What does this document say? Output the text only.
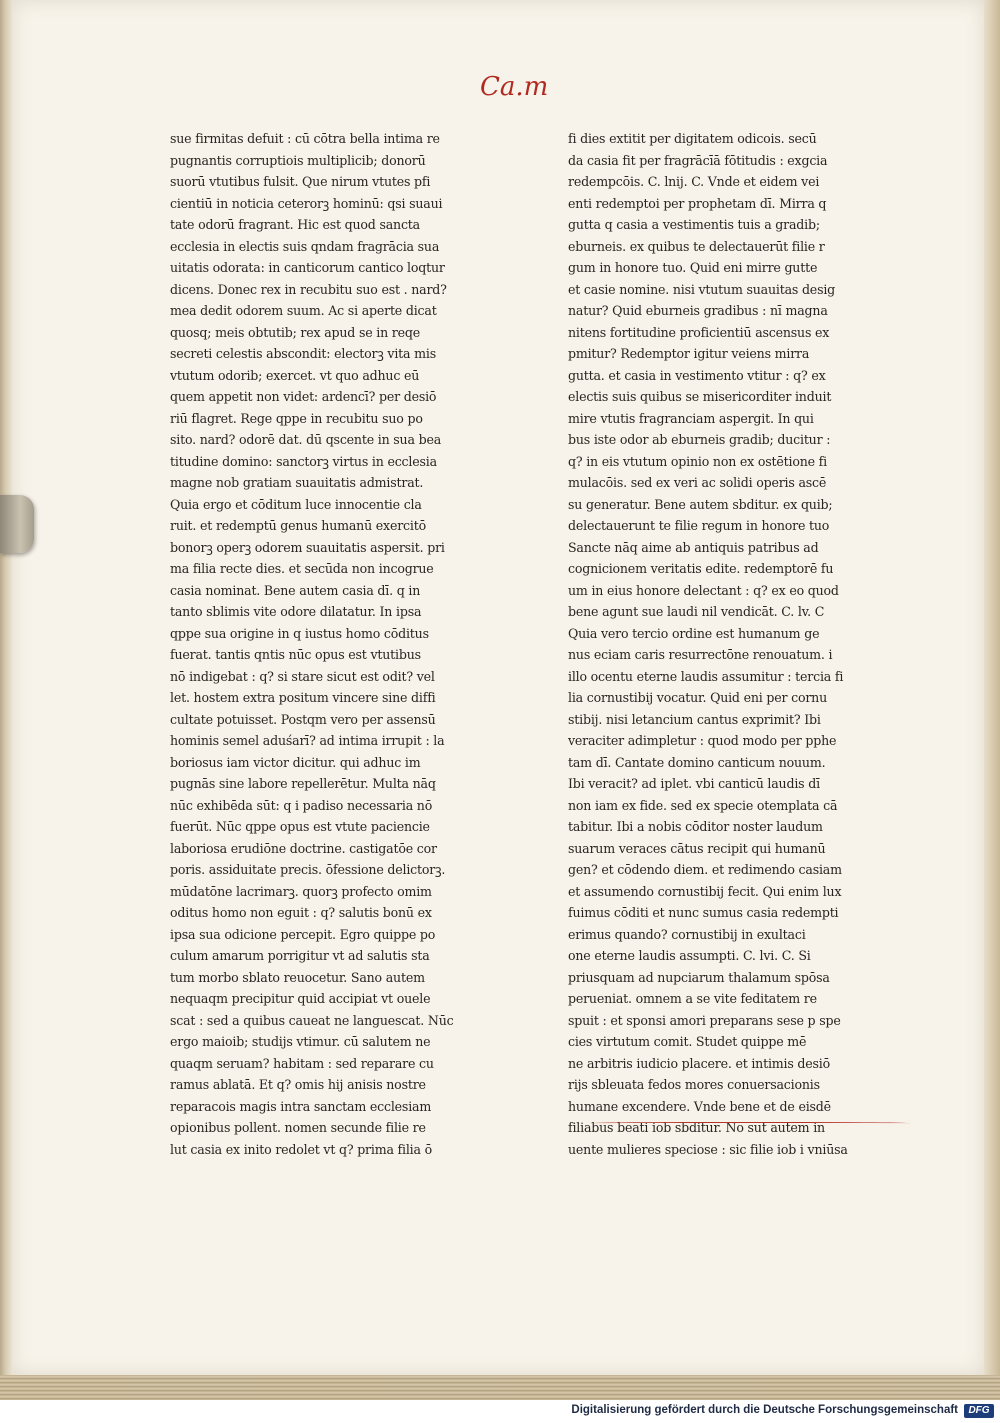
Ca.m
sue firmitas defuit : cū cōtra bella intima re
pugnantis corruptiois multiplicib; donorū
suorū vtutibus fulsit. Que nirum vtutes pfi
cientiū in noticia ceterorꝫ hominū: qsi suaui
tate odorū fragrant. Hic est quod sancta
ecclesia in electis suis qndam fragrācia sua
uitatis odorata: in canticorum cantico loqtur
dicens. Donec rex in recubitu suo est . nard?
mea dedit odorem suum. Ac si aperte dicat
quosq; meis obtutib; rex apud se in reqe
secreti celestis abscondit: electorꝫ vita mis
vtutum odorib; exercet. vt quo adhuc eū
quem appetit non videt: ardencī? per desiō
riū flagret. Rege qppe in recubitu suo po
sito. nard? odorē dat. dū qscente in sua bea
titudine domino: sanctorꝫ virtus in ecclesia
magne nob gratiam suauitatis admistrat.
Quia ergo et cōditum luce innocentie cla
ruit. et redemptū genus humanū exercitō
bonorꝫ operꝫ odorem suauitatis aspersit. pri
ma filia recte dies. et secūda non incogrue
casia nominat. Bene autem casia dī. q in
tanto sblimis vite odore dilatatur. In ipsa
qppe sua origine in q iustus homo cōditus
fuerat. tantis qntis nūc opus est vtutibus
nō indigebat : q? si stare sicut est odit? vel
let. hostem extra positum vincere sine diffi
cultate potuisset. Postqm vero per assensū
hominis semel aduśarī? ad intima irrupit : la
boriosus iam victor dicitur. qui adhuc im
pugnās sine labore repellerētur. Multa nāq
nūc exhibēda sūt: q i padiso necessaria nō
fuerūt. Nūc qppe opus est vtute paciencie
laboriosa erudiōne doctrine. castigatōe cor
poris. assiduitate precis. ōfessione delictorꝫ.
mūdatōne lacrimarꝫ. quorꝫ profecto omim
oditus homo non eguit : q? salutis bonū ex
ipsa sua odicione percepit. Egro quippe po
culum amarum porrigitur vt ad salutis sta
tum morbo sblato reuocetur. Sano autem
nequaqm precipitur quid accipiat vt ouele
scat : sed a quibus caueat ne languescat. Nūc
ergo maioib; studijs vtimur. cū salutem ne
quaqm seruam? habitam : sed reparare cu
ramus ablatā. Et q? omis hij anisis nostre
reparacois magis intra sanctam ecclesiam
opionibus pollent. nomen secunde filie re
lut casia ex inito redolet vt q? prima filia ō
fi dies extitit per digitatem odicois. secū
da casia fit per fragrācīā fōtitudis : exgcia
redempcōis. C. lnij. C. Vnde et eidem vei
enti redemptoi per prophetam dī. Mirra q
gutta q casia a vestimentis tuis a gradib;
eburneis. ex quibus te delectauerūt filie r
gum in honore tuo. Quid eni mirre gutte
et casie nomine. nisi vtutum suauitas desig
natur? Quid eburneis gradibus : nī magna
nitens fortitudine proficientiū ascensus ex
pmitur? Redemptor igitur veiens mirra
gutta. et casia in vestimento vtitur : q? ex
electis suis quibus se misericorditer induit
mire vtutis fragranciam aspergit. In qui
bus iste odor ab eburneis gradib; ducitur :
q? in eis vtutum opinio non ex ostētione fi
mulacōis. sed ex veri ac solidi operis ascē
su generatur. Bene autem sbditur. ex quib;
delectauerunt te filie regum in honore tuo
Sancte nāq aime ab antiquis patribus ad
cognicionem veritatis edite. redemptorē fu
um in eius honore delectant : q? ex eo quod
bene agunt sue laudi nil vendicāt. C. lv. C
Quia vero tercio ordine est humanum ge
nus eciam caris resurrectōne renouatum. i
illo ocentu eterne laudis assumitur : tercia fi
lia cornustibij vocatur. Quid eni per cornu
stibij. nisi letancium cantus exprimit? Ibi
veraciter adimpletur : quod modo per pphe
tam dī. Cantate domino canticum nouum.
Ibi veracit? ad iplet. vbi canticū laudis dī
non iam ex fide. sed ex specie otemplata cā
tabitur. Ibi a nobis cōditor noster laudum
suarum veraces cātus recipit qui humanū
gen? et cōdendo diem. et redimendo casiam
et assumendo cornustibij fecit. Qui enim lux
fuimus cōditi et nunc sumus casia redempti
erimus quando? cornustibij in exultaci
one eterne laudis assumpti. C. lvi. C. Si
priusquam ad nupciarum thalamum spōsa
perueniat. omnem a se vite feditatem re
spuit : et sponsi amori preparans sese p spe
cies virtutum comit. Studet quippe mē
ne arbitris iudicio placere. et intimis desiō
rijs sbleuata fedos mores conuersacionis
humane excendere. Vnde bene et de eisdē
filiabus beati iob sbditur. Nō sūt autem in
uente mulieres speciose : sic filie iob i vniūsa
Digitalisierung gefördert durch die Deutsche Forschungsgemeinschaft	DFG
